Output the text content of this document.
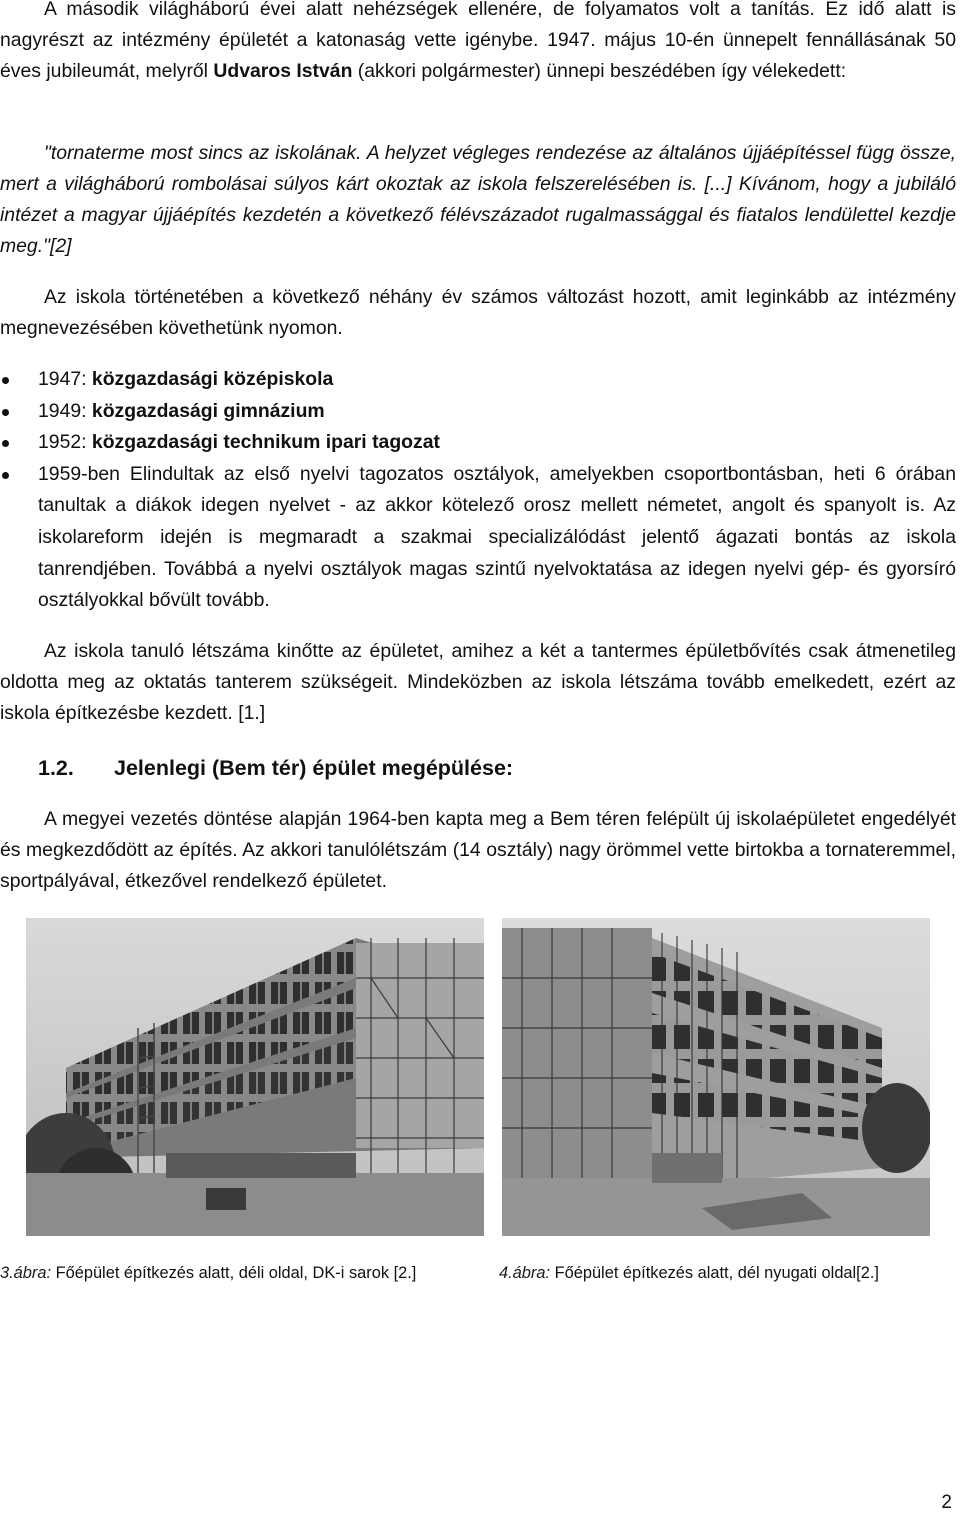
A második világháború évei alatt nehézségek ellenére, de folyamatos volt a tanítás. Ez idő alatt is nagyrészt az intézmény épületét a katonaság vette igénybe. 1947. május 10-én ünnepelt fennállásának 50 éves jubileumát, melyről Udvaros István (akkori polgármester) ünnepi beszédében így vélekedett:

"tornaterme most sincs az iskolának. A helyzet végleges rendezése az általános újjáépítéssel függ össze, mert a világháború rombolásai súlyos kárt okoztak az iskola felszerelésében is. [...] Kívánom, hogy a jubiláló intézet a magyar újjáépítés kezdetén a következő félévszázadot rugalmassággal és fiatalos lendülettel kezdje meg."[2]

Az iskola történetében a következő néhány év számos változást hozott, amit leginkább az intézmény megnevezésében követhetünk nyomon.

1947: közgazdasági középiskola
1949: közgazdasági gimnázium
1952: közgazdasági technikum ipari tagozat
1959-ben Elindultak az első nyelvi tagozatos osztályok, amelyekben csoportbontásban, heti 6 órában tanultak a diákok idegen nyelvet - az akkor kötelező orosz mellett németet, angolt és spanyolt is. Az iskolareform idején is megmaradt a szakmai specializálódást jelentő ágazati bontás az iskola tanrendjében. Továbbá a nyelvi osztályok magas szintű nyelvoktatása az idegen nyelvi gép- és gyorsíró osztályokkal bővült tovább.

Az iskola tanuló létszáma kinőtte az épületet, amihez a két a tantermes épületbővítés csak átmenetileg oldotta meg az oktatás tanterem szükségeit. Mindeközben az iskola létszáma tovább emelkedett, ezért az iskola építkezésbe kezdett. [1.]

1.2. Jelenlegi (Bem tér) épület megépülése:

A megyei vezetés döntése alapján 1964-ben kapta meg a Bem téren felépült új iskolaépületet engedélyét és megkezdődött az építés. Az akkori tanulólétszám (14 osztály) nagy örömmel vette birtokba a tornateremmel, sportpályával, étkezővel rendelkező épületet.

3.ábra: Főépület építkezés alatt, déli oldal, DK-i sarok [2.]	4.ábra: Főépület építkezés alatt, dél nyugati oldal[2.]
2
